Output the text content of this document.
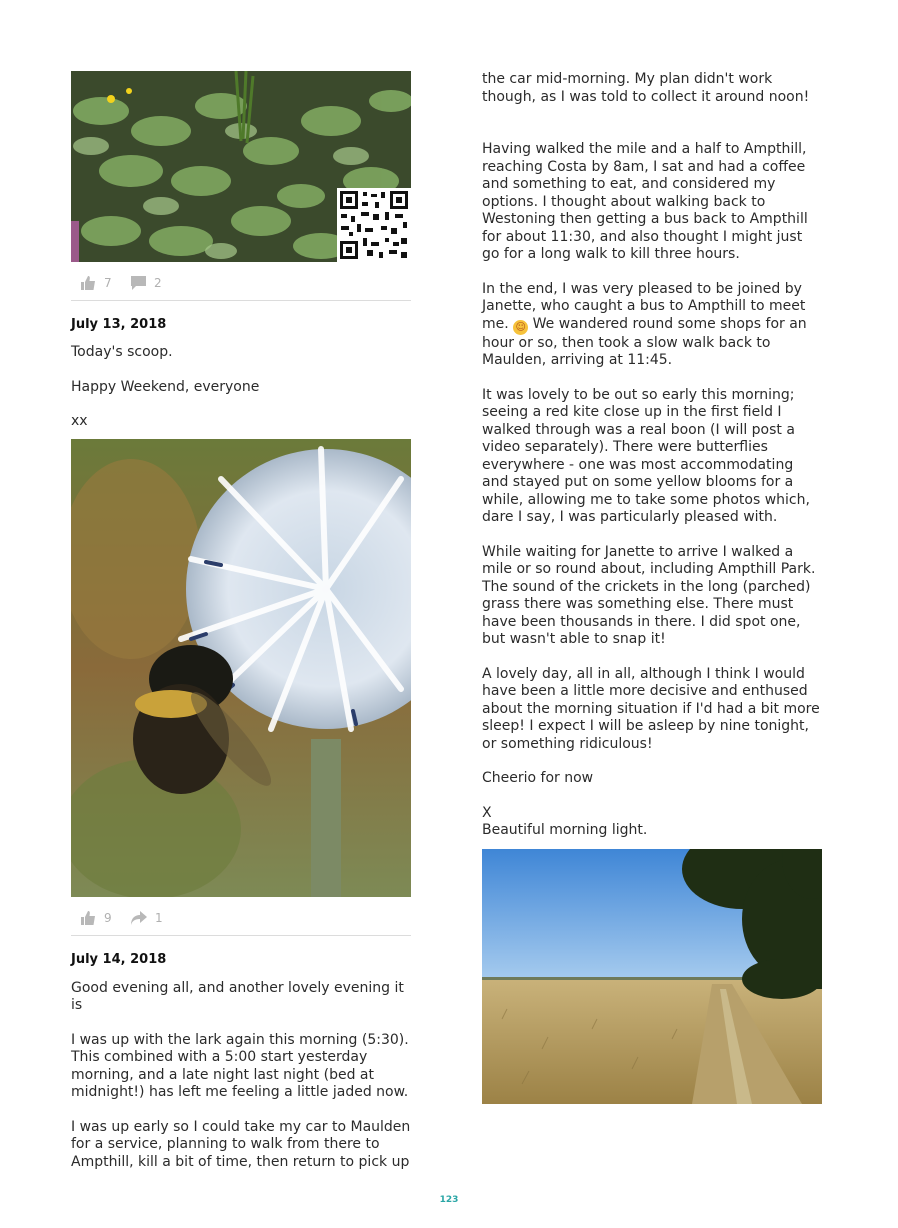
7	2
July 13, 2018

Today's scoop.

Happy Weekend, everyone

xx

9	1
July 14, 2018

Good evening all, and another lovely evening it is

I was up with the lark again this morning (5:30). This combined with a 5:00 start yesterday morning, and a late night last night (bed at midnight!) has left me feeling a little jaded now.

I was up early so I could take my car to Maulden for a service, planning to walk from there to Ampthill, kill a bit of time, then return to pick up

the car mid-morning. My plan didn't work though, as I was told to collect it around noon!

Having walked the mile and a half to Ampthill, reaching Costa by 8am, I sat and had a coffee and something to eat, and considered my options. I thought about walking back to Westoning then getting a bus back to Ampthill for about 11:30, and also thought I might just go for a long walk to kill three hours.

In the end, I was very pleased to be joined by Janette, who caught a bus to Ampthill to meet me. ☺ We wandered round some shops for an hour or so, then took a slow walk back to Maulden, arriving at 11:45.

It was lovely to be out so early this morning; seeing a red kite close up in the first field I walked through was a real boon (I will post a video separately). There were butterflies everywhere - one was most accommodating and stayed put on some yellow blooms for a while, allowing me to take some photos which, dare I say, I was particularly pleased with.

While waiting for Janette to arrive I walked a mile or so round about, including Ampthill Park. The sound of the crickets in the long (parched) grass there was something else. There must have been thousands in there. I did spot one, but wasn't able to snap it!

A lovely day, all in all, although I think I would have been a little more decisive and enthused about the morning situation if I'd had a bit more sleep! I expect I will be asleep by nine tonight, or something ridiculous!

Cheerio for now

X

Beautiful morning light.

123
